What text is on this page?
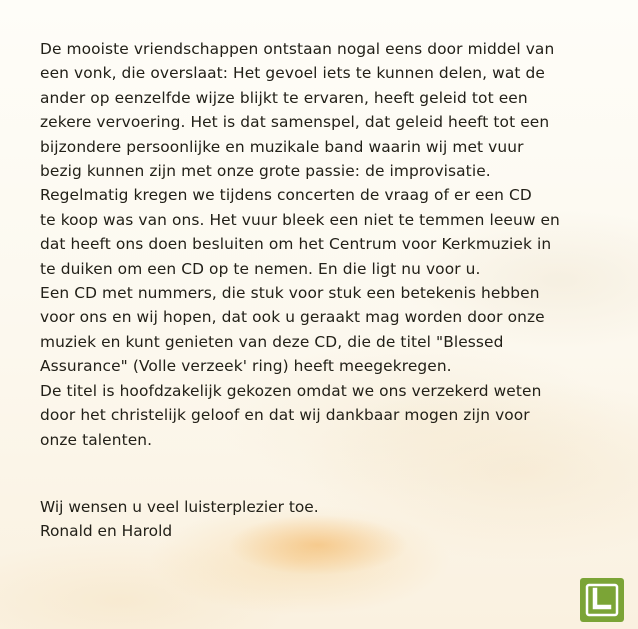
De mooiste vriendschappen ontstaan nogal eens door middel van
een vonk, die overslaat: Het gevoel iets te kunnen delen, wat de
ander op eenzelfde wijze blijkt te ervaren, heeft geleid tot een
zekere vervoering. Het is dat samenspel, dat geleid heeft tot een
bijzondere persoonlijke en muzikale band waarin wij met vuur
bezig kunnen zijn met onze grote passie: de improvisatie.
Regelmatig kregen we tijdens concerten de vraag of er een CD
te koop was van ons. Het vuur bleek een niet te temmen leeuw en
dat heeft ons doen besluiten om het Centrum voor Kerkmuziek in
te duiken om een CD op te nemen. En die ligt nu voor u.
Een CD met nummers, die stuk voor stuk een betekenis hebben
voor ons en wij hopen, dat ook u geraakt mag worden door onze
muziek en kunt genieten van deze CD, die de titel "Blessed
Assurance" (Volle verzeek' ring) heeft meegekregen.
De titel is hoofdzakelijk gekozen omdat we ons verzekerd weten
door het christelijk geloof en dat wij dankbaar mogen zijn voor
onze talenten.
Wij wensen u veel luisterplezier toe.
Ronald en Harold
